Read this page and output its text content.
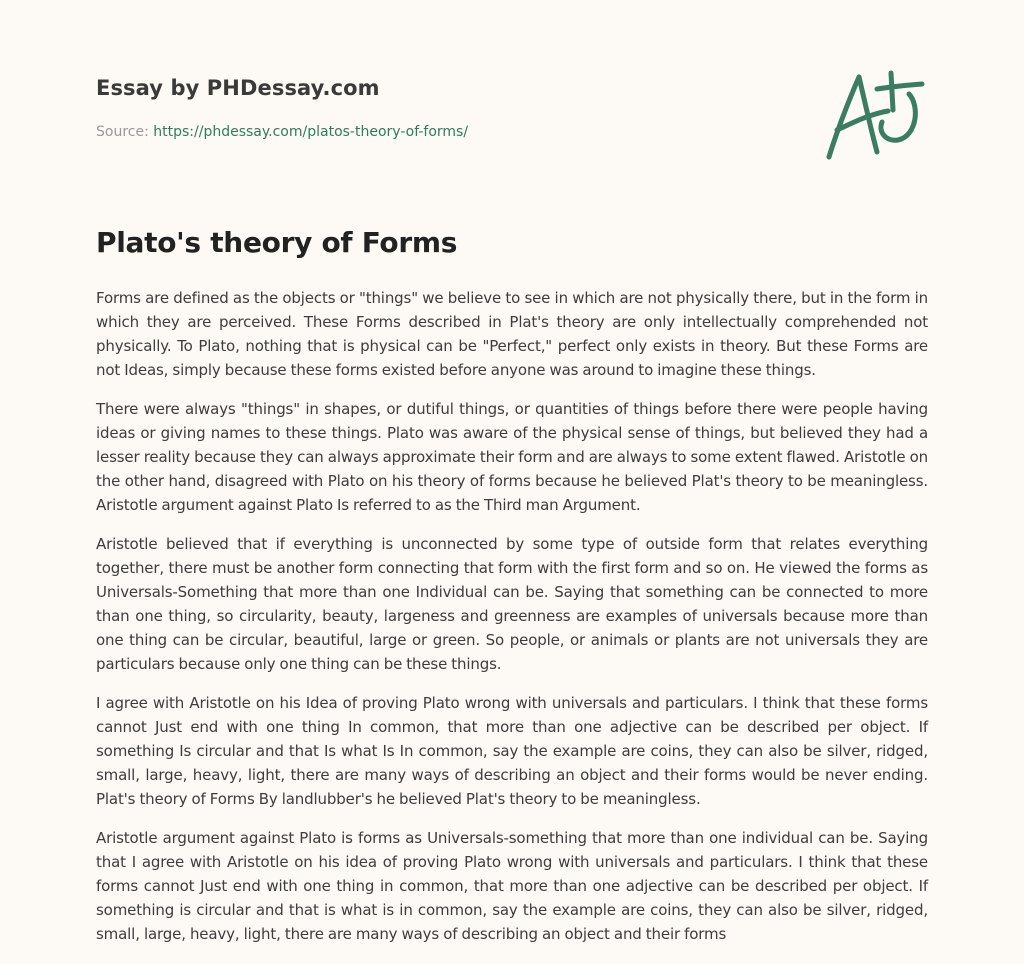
Essay by PHDessay.com
Source: https://phdessay.com/platos-theory-of-forms/
Plato's theory of Forms

Forms are defined as the objects or "things" we believe to see in which are not physically there, but in the form in which they are perceived. These Forms described in Plat's theory are only intellectually comprehended not physically. To Plato, nothing that is physical can be "Perfect," perfect only exists in theory. But these Forms are not Ideas, simply because these forms existed before anyone was around to imagine these things.

There were always "things" in shapes, or dutiful things, or quantities of things before there were people having ideas or giving names to these things. Plato was aware of the physical sense of things, but believed they had a lesser reality because they can always approximate their form and are always to some extent flawed. Aristotle on the other hand, disagreed with Plato on his theory of forms because he believed Plat's theory to be meaningless. Aristotle argument against Plato Is referred to as the Third man Argument.

Aristotle believed that if everything is unconnected by some type of outside form that relates everything together, there must be another form connecting that form with the first form and so on. He viewed the forms as Universals-Something that more than one Individual can be. Saying that something can be connected to more than one thing, so circularity, beauty, largeness and greenness are examples of universals because more than one thing can be circular, beautiful, large or green. So people, or animals or plants are not universals they are particulars because only one thing can be these things.

I agree with Aristotle on his Idea of proving Plato wrong with universals and particulars. I think that these forms cannot Just end with one thing In common, that more than one adjective can be described per object. If something Is circular and that Is what Is In common, say the example are coins, they can also be silver, ridged, small, large, heavy, light, there are many ways of describing an object and their forms would be never ending. Plat's theory of Forms By landlubber's he believed Plat's theory to be meaningless.

Aristotle argument against Plato is forms as Universals-something that more than one individual can be. Saying that I agree with Aristotle on his idea of proving Plato wrong with universals and particulars. I think that these forms cannot Just end with one thing in common, that more than one adjective can be described per object. If something is circular and that is what is in common, say the example are coins, they can also be silver, ridged, small, large, heavy, light, there are many ways of describing an object and their forms
